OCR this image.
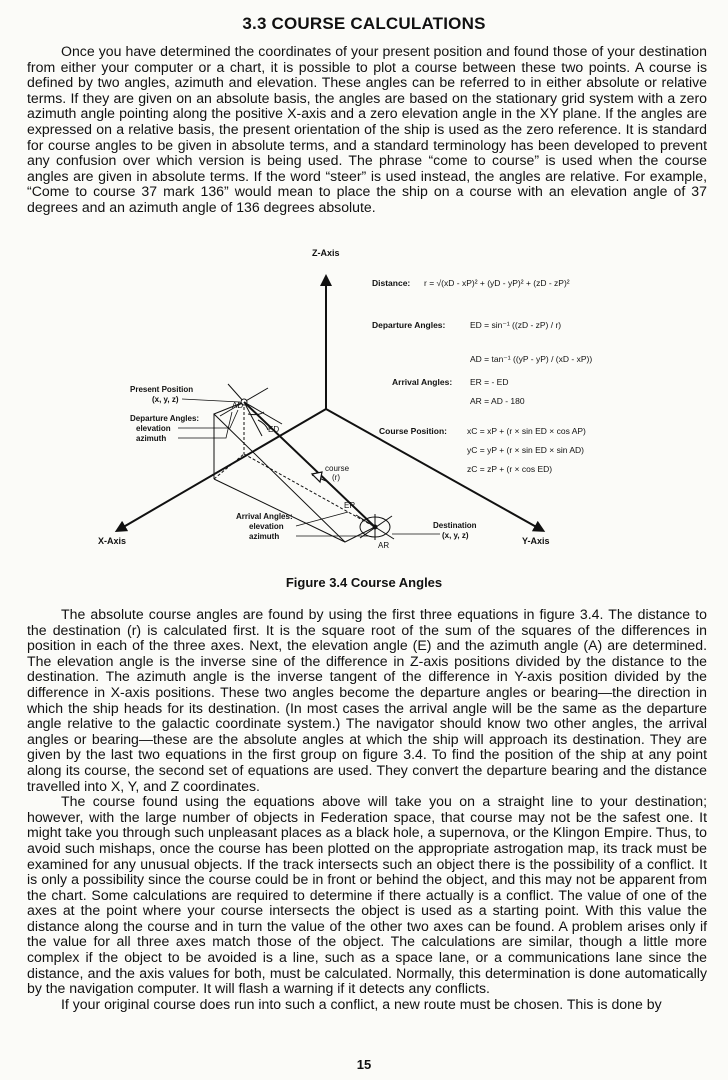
3.3 COURSE CALCULATIONS

Once you have determined the coordinates of your present position and found those of your destination from either your computer or a chart, it is possible to plot a course between these two points. A course is defined by two angles, azimuth and elevation. These angles can be referred to in either absolute or relative terms. If they are given on an absolute basis, the angles are based on the stationary grid system with a zero azimuth angle pointing along the positive X-axis and a zero elevation angle in the XY plane. If the angles are expressed on a relative basis, the present orientation of the ship is used as the zero reference. It is standard for course angles to be given in absolute terms, and a standard terminology has been developed to prevent any confusion over which version is being used. The phrase “come to course” is used when the course angles are given in absolute terms. If the word “steer” is used instead, the angles are relative. For example, “Come to course 37 mark 136” would mean to place the ship on a course with an elevation angle of 37 degrees and an azimuth angle of 136 degrees absolute.

Z-Axis
X-Axis	Y-Axis
course
(r)
AD
ED
ER
AR
Present Position
(x, y, z)
Departure Angles:
elevation
azimuth
Arrival Angles:
elevation
azimuth
Destination
(x, y, z)
Distance: r = √(xD - xP)² + (yD - yP)² + (zD - zP)²
Departure Angles:	ED = sin⁻¹ ((zD - zP) / r)
AD = tan⁻¹ ((yP - yP) / (xD - xP))
Arrival Angles: ER = - ED
AR = AD - 180
Course Position: xC = xP + (r × sin ED × cos AP)
yC = yP + (r × sin ED × sin AD)
zC = zP + (r × cos ED)
Figure 3.4 Course Angles

The absolute course angles are found by using the first three equations in figure 3.4. The distance to the destination (r) is calculated first. It is the square root of the sum of the squares of the differences in position in each of the three axes. Next, the elevation angle (E) and the azimuth angle (A) are determined. The elevation angle is the inverse sine of the difference in Z-axis positions divided by the distance to the destination. The azimuth angle is the inverse tangent of the difference in Y-axis position divided by the difference in X-axis positions. These two angles become the departure angles or bearing—the direction in which the ship heads for its destination. (In most cases the arrival angle will be the same as the departure angle relative to the galactic coordinate system.) The navigator should know two other angles, the arrival angles or bearing—these are the absolute angles at which the ship will approach its destination. They are given by the last two equations in the first group on figure 3.4. To find the position of the ship at any point along its course, the second set of equations are used. They convert the departure bearing and the distance travelled into X, Y, and Z coordinates.

The course found using the equations above will take you on a straight line to your destination; however, with the large number of objects in Federation space, that course may not be the safest one. It might take you through such unpleasant places as a black hole, a supernova, or the Klingon Empire. Thus, to avoid such mishaps, once the course has been plotted on the appropriate astrogation map, its track must be examined for any unusual objects. If the track intersects such an object there is the possibility of a conflict. It is only a possibility since the course could be in front or behind the object, and this may not be apparent from the chart. Some calculations are required to determine if there actually is a conflict. The value of one of the axes at the point where your course intersects the object is used as a starting point. With this value the distance along the course and in turn the value of the other two axes can be found. A problem arises only if the value for all three axes match those of the object. The calculations are similar, though a little more complex if the object to be avoided is a line, such as a space lane, or a communications lane since the distance, and the axis values for both, must be calculated. Normally, this determination is done automatically by the navigation computer. It will flash a warning if it detects any conflicts.

If your original course does run into such a conflict, a new route must be chosen. This is done by

15
